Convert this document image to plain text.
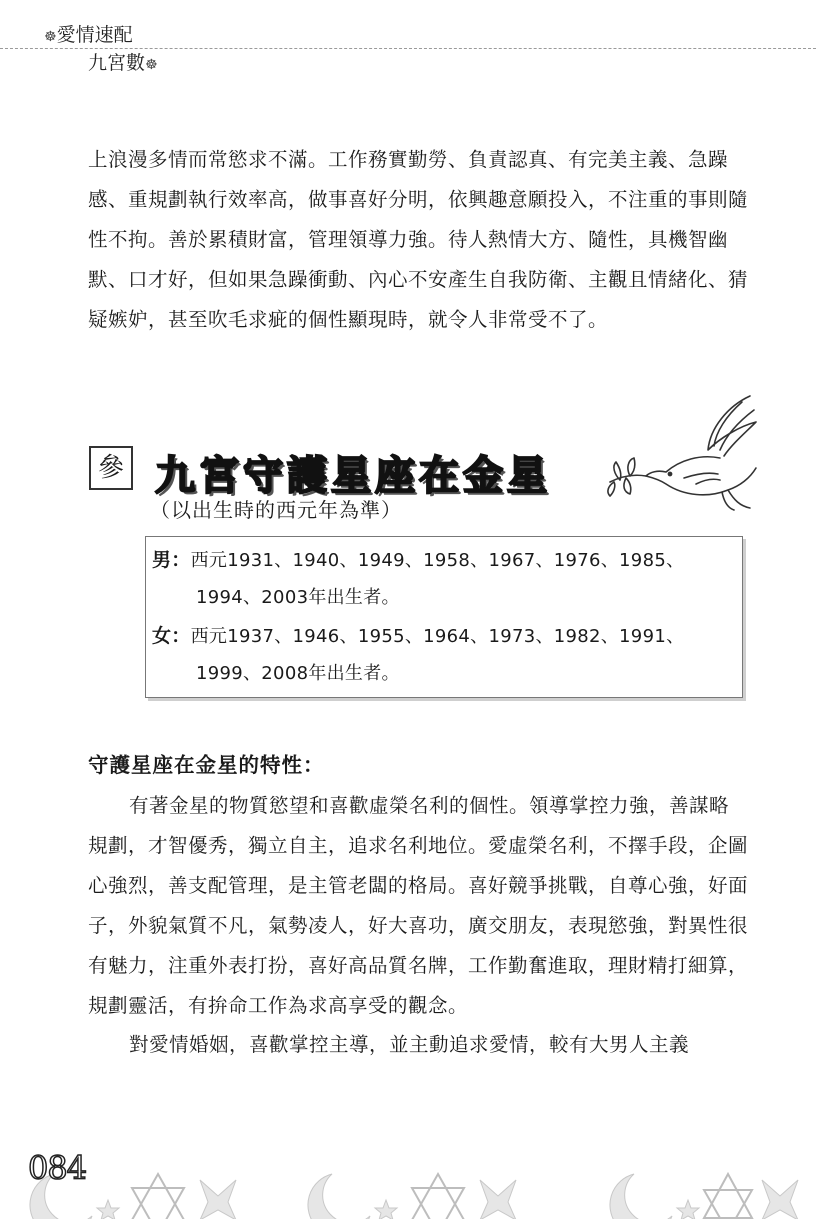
☸愛情速配
九宮數☸

上浪漫多情而常慾求不滿。工作務實勤勞、負責認真、有完美主義、急躁感、重規劃執行效率高，做事喜好分明，依興趣意願投入，不注重的事則隨性不拘。善於累積財富，管理領導力強。待人熱情大方、隨性，具機智幽默、口才好，但如果急躁衝動、內心不安產生自我防衛、主觀且情緒化、猜疑嫉妒，甚至吹毛求疵的個性顯現時，就令人非常受不了。

參 九宮守護星座在金星
（以出生時的西元年為準）
男：西元1931、1940、1949、1958、1967、1976、1985、
1994、2003年出生者。
女：西元1937、1946、1955、1964、1973、1982、1991、
1999、2008年出生者。
守護星座在金星的特性：

有著金星的物質慾望和喜歡虛榮名利的個性。領導掌控力強，善謀略規劃，才智優秀，獨立自主，追求名利地位。愛虛榮名利，不擇手段，企圖心強烈，善支配管理，是主管老闆的格局。喜好競爭挑戰，自尊心強，好面子，外貌氣質不凡，氣勢凌人，好大喜功，廣交朋友，表現慾強，對異性很有魅力，注重外表打扮，喜好高品質名牌，工作勤奮進取，理財精打細算，規劃靈活，有拚命工作為求高享受的觀念。

對愛情婚姻，喜歡掌控主導，並主動追求愛情，較有大男人主義

084
